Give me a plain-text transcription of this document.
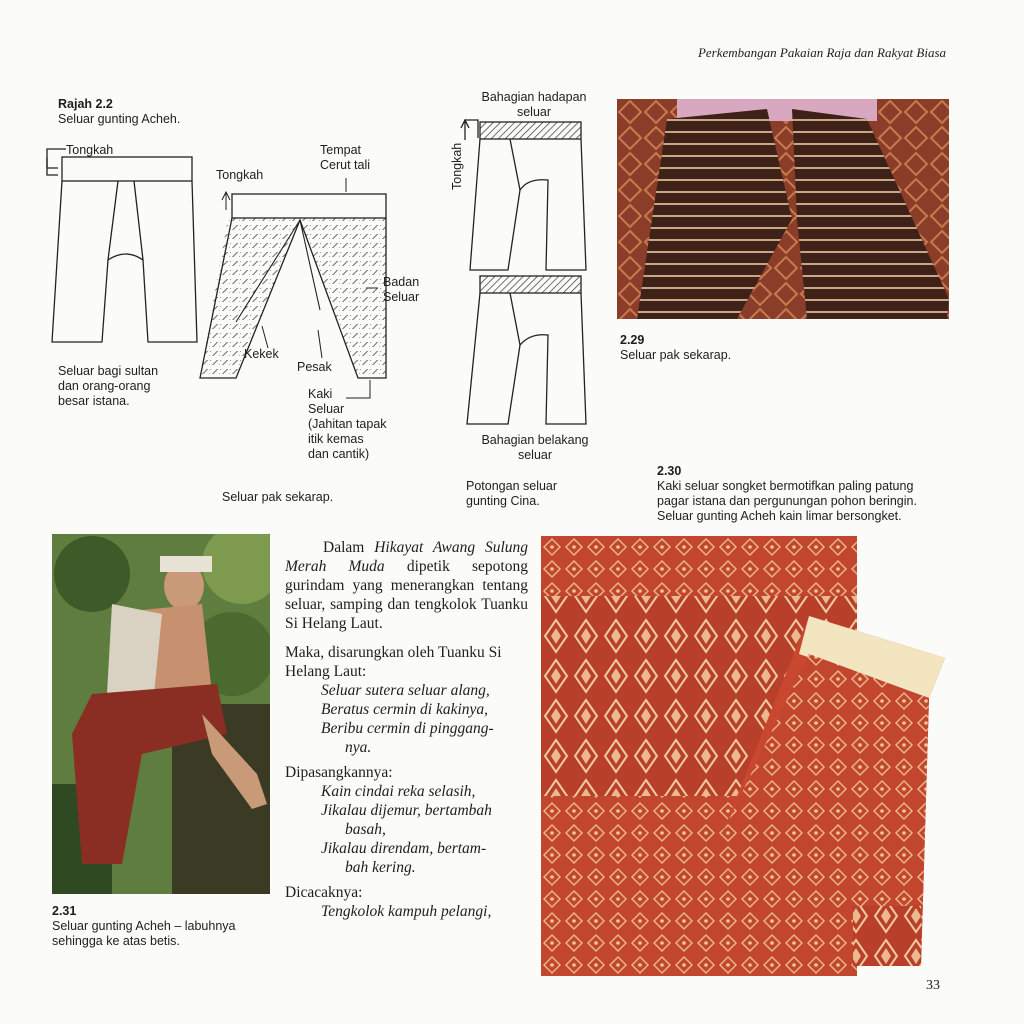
Perkembangan Pakaian Raja dan Rakyat Biasa
Rajah 2.2
Seluar gunting Acheh.
Tongkah
Seluar bagi sultan
dan orang-orang
besar istana.
Tongkah
Tempat
Cerut tali
Badan
Seluar
Kekek
Pesak
Kaki
Seluar
(Jahitan tapak
itik kemas
dan cantik)
Seluar pak sekarap.
Bahagian hadapan
seluar
Tongkah
Bahagian belakang
seluar
Potongan seluar
gunting Cina.
2.29
Seluar pak sekarap.
2.30
Kaki seluar songket bermotifkan paling patung
pagar istana dan pergunungan pohon beringin.
Seluar gunting Acheh kain limar bersongket.
2.31
Seluar gunting Acheh – labuhnya
sehingga ke atas betis.

Dalam Hikayat Awang Sulung Merah Muda dipetik sepotong gurindam yang menerangkan tentang seluar, samping dan tengkolok Tuanku Si Helang Laut.

Maka, disarungkan oleh Tuanku Si Helang Laut:

Seluar sutera seluar alang,
Beratus cermin di kakinya,
Beribu cermin di pinggang-
nya.

Dipasangkannya:

Kain cindai reka selasih,
Jikalau dijemur, bertambah
basah,
Jikalau direndam, bertam-
bah kering.

Dicacaknya:

Tengkolok kampuh pelangi,
33
